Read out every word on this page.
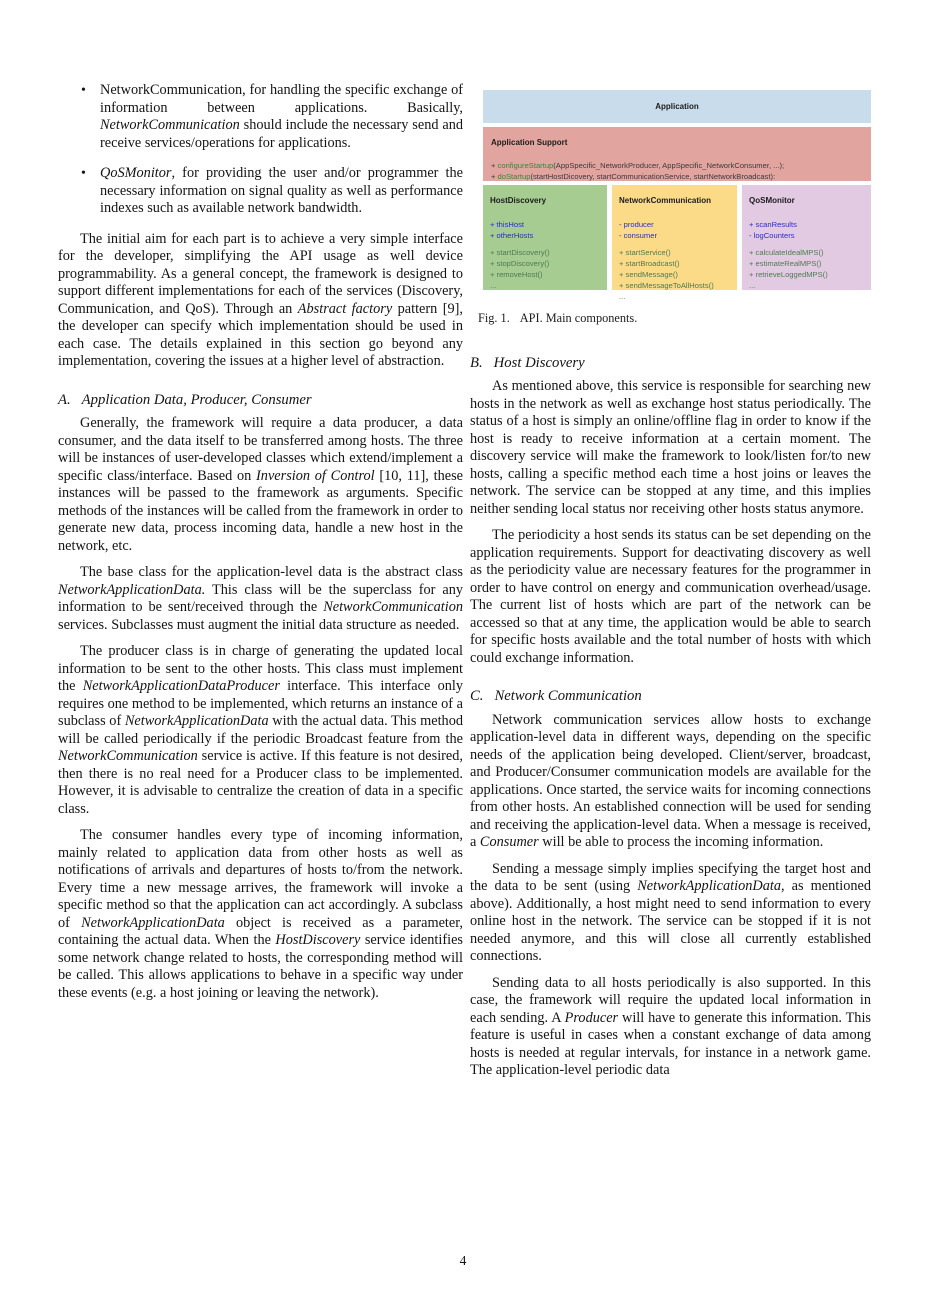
• NetworkCommunication, for handling the specific exchange of information between applications. Basically, NetworkCommunication should include the necessary send and receive services/operations for applications.
• QoSMonitor, for providing the user and/or programmer the necessary information on signal quality as well as performance indexes such as available network bandwidth.

The initial aim for each part is to achieve a very simple interface for the developer, simplifying the API usage as well device programmability. As a general concept, the framework is designed to support different implementations for each of the services (Discovery, Communication, and QoS). Through an Abstract factory pattern [9], the developer can specify which implementation should be used in each case. The details explained in this section go beyond any implementation, covering the issues at a higher level of abstraction.

A. Application Data, Producer, Consumer

Generally, the framework will require a data producer, a data consumer, and the data itself to be transferred among hosts. The three will be instances of user-developed classes which extend/implement a specific class/interface. Based on Inversion of Control [10, 11], these instances will be passed to the framework as arguments. Specific methods of the instances will be called from the framework in order to generate new data, process incoming data, handle a new host in the network, etc.

The base class for the application-level data is the abstract class NetworkApplicationData. This class will be the superclass for any information to be sent/received through the NetworkCommunication services. Subclasses must augment the initial data structure as needed.

The producer class is in charge of generating the updated local information to be sent to the other hosts. This class must implement the NetworkApplicationDataProducer interface. This interface only requires one method to be implemented, which returns an instance of a subclass of NetworkApplicationData with the actual data. This method will be called periodically if the periodic Broadcast feature from the NetworkCommunication service is active. If this feature is not desired, then there is no real need for a Producer class to be implemented. However, it is advisable to centralize the creation of data in a specific class.

The consumer handles every type of incoming information, mainly related to application data from other hosts as well as notifications of arrivals and departures of hosts to/from the network. Every time a new message arrives, the framework will invoke a specific method so that the application can act accordingly. A subclass of NetworkApplicationData object is received as a parameter, containing the actual data. When the HostDiscovery service identifies some network change related to hosts, the corresponding method will be called. This allows applications to behave in a specific way under these events (e.g. a host joining or leaving the network).

Application
Application Support
+ configureStartup(AppSpecific_NetworkProducer, AppSpecific_NetworkConsumer, ...);
+ doStartup(startHostDicovery, startCommunicationService, startNetworkBroadcast):
HostDiscovery
+ thisHost
+ otherHosts
+ startDiscovery()
+ stopDiscovery()
+ removeHost()
...
NetworkCommunication
- producer
- consumer
+ startService()
+ startBroadcast()
+ sendMessage()
+ sendMessageToAllHosts()
...
QoSMonitor
+ scanResults
- logCounters
+ calculateIdealMPS()
+ estimateRealMPS()
+ retrieveLoggedMPS()
...
Fig. 1. API. Main components.
B. Host Discovery

As mentioned above, this service is responsible for searching new hosts in the network as well as exchange host status periodically. The status of a host is simply an online/offline flag in order to know if the host is ready to receive information at a certain moment. The discovery service will make the framework to look/listen for/to new hosts, calling a specific method each time a host joins or leaves the network. The service can be stopped at any time, and this implies neither sending local status nor receiving other hosts status anymore.

The periodicity a host sends its status can be set depending on the application requirements. Support for deactivating discovery as well as the periodicity value are necessary features for the programmer in order to have control on energy and communication overhead/usage. The current list of hosts which are part of the network can be accessed so that at any time, the application would be able to search for specific hosts available and the total number of hosts with which could exchange information.

C. Network Communication

Network communication services allow hosts to exchange application-level data in different ways, depending on the specific needs of the application being developed. Client/server, broadcast, and Producer/Consumer communication models are available for the applications. Once started, the service waits for incoming connections from other hosts. An established connection will be used for sending and receiving the application-level data. When a message is received, a Consumer will be able to process the incoming information.

Sending a message simply implies specifying the target host and the data to be sent (using NetworkApplicationData, as mentioned above). Additionally, a host might need to send information to every online host in the network. The service can be stopped if it is not needed anymore, and this will close all currently established connections.

Sending data to all hosts periodically is also supported. In this case, the framework will require the updated local information in each sending. A Producer will have to generate this information. This feature is useful in cases when a constant exchange of data among hosts is needed at regular intervals, for instance in a network game. The application-level periodic data

4
